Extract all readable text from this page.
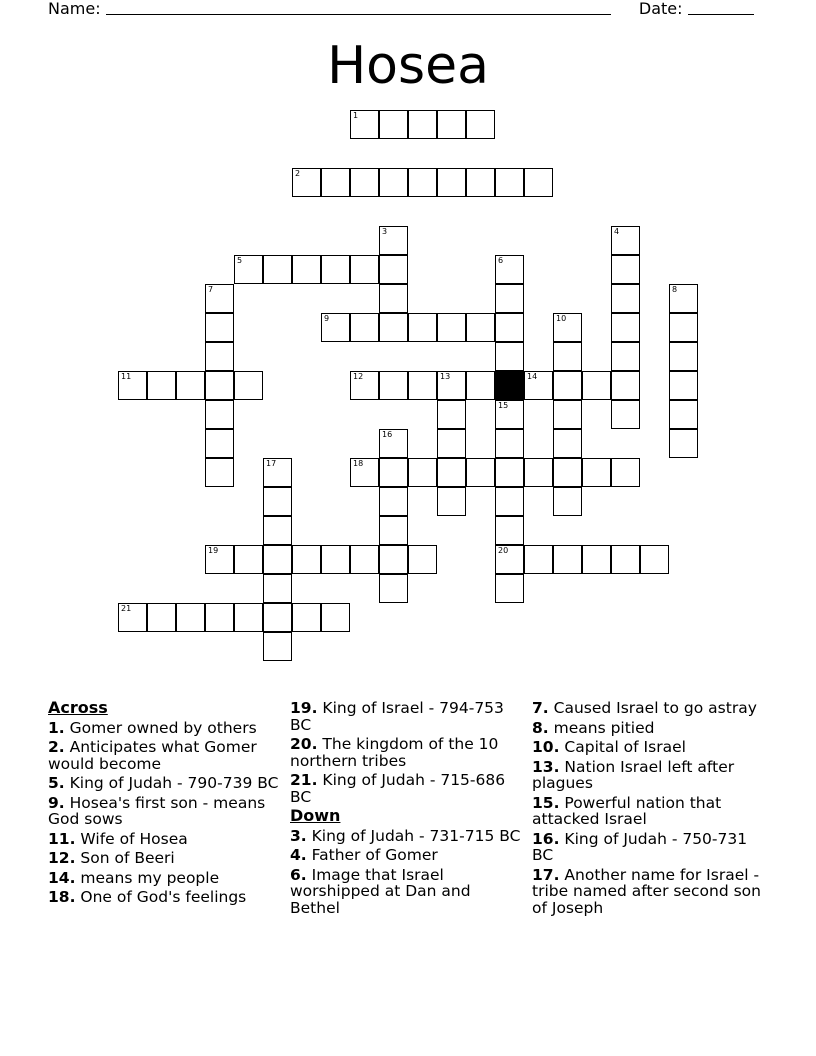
Name:	Date:
Hosea
1
2
3	4
5	6
7	8
9	10
11	12	13	14
15
20
16
17	18
19
21
Across
1. Gomer owned by others
2. Anticipates what Gomer would become
5. King of Judah - 790-739 BC
9. Hosea's first son - means God sows
11. Wife of Hosea
12. Son of Beeri
14. means my people
18. One of God's feelings
19. King of Israel - 794-753 BC
20. The kingdom of the 10 northern tribes
21. King of Judah - 715-686 BC
Down
3. King of Judah - 731-715 BC
4. Father of Gomer
6. Image that Israel worshipped at Dan and Bethel
7. Caused Israel to go astray
8. means pitied
10. Capital of Israel
13. Nation Israel left after plagues
15. Powerful nation that attacked Israel
16. King of Judah - 750-731 BC
17. Another name for Israel - tribe named after second son of Joseph
